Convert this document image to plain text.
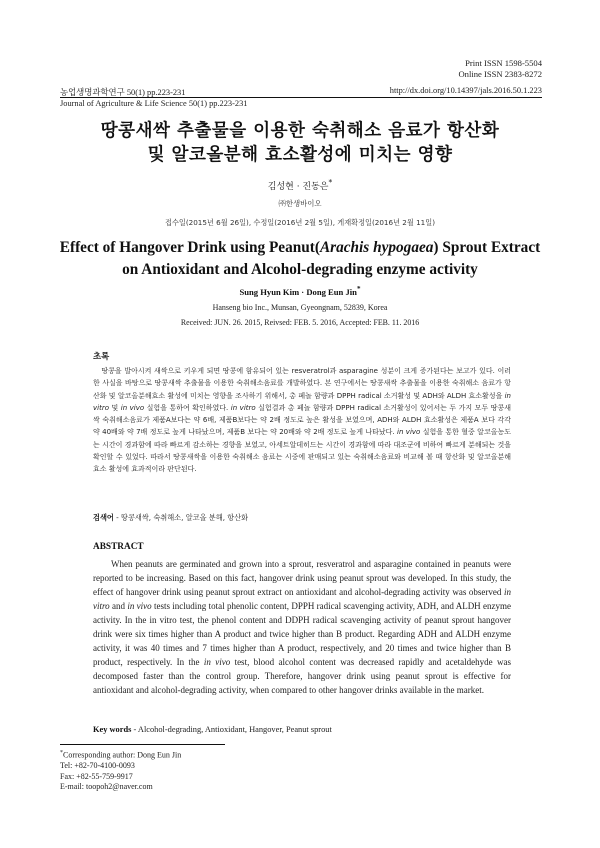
Print ISSN 1598-5504
Online ISSN 2383-8272
농업생명과학연구 50(1) pp.223-231	http://dx.doi.org/10.14397/jals.2016.50.1.223
Journal of Agriculture & Life Science 50(1) pp.223-231
땅콩새싹 추출물을 이용한 숙취해소 음료가 항산화
및 알코올분해 효소활성에 미치는 영향
김성현 · 진동은*
㈜한생바이오
접수일(2015년 6월 26일), 수정일(2016년 2월 5일), 게재확정일(2016년 2월 11일)
Effect of Hangover Drink using Peanut(Arachis hypogaea) Sprout Extract
on Antioxidant and Alcohol-degrading enzyme activity
Sung Hyun Kim · Dong Eun Jin*
Hanseng bio Inc., Munsan, Gyeongnam, 52839, Korea
Received: JUN. 26. 2015, Reivsed: FEB. 5. 2016, Accepted: FEB. 11. 2016
초록

땅콩을 발아시켜 새싹으로 키우게 되면 땅콩에 함유되어 있는 resveratrol과 asparagine 성분이 크게 증가된다는 보고가 있다. 이러한 사실을 바탕으로 땅콩새싹 추출물을 이용한 숙취해소음료를 개발하였다. 본 연구에서는 땅콩새싹 추출물을 이용한 숙취해소 음료가 항산화 및 알코올분해효소 활성에 미치는 영향을 조사하기 위해서, 총 페놀 함량과 DPPH radical 소거활성 및 ADH와 ALDH 효소활성을 in vitro 및 in vivo 실험을 통하여 확인하였다. in vitro 실험결과 총 페놀 함량과 DPPH radical 소거활성이 있어서는 두 가지 모두 땅콩새싹 숙취해소음료가 제품A보다는 약 6배, 제품B보다는 약 2배 정도로 높은 활성을 보였으며, ADH와 ALDH 효소활성은 제품A 보다 각각 약 40배와 약 7배 정도로 높게 나타났으며, 제품B 보다는 약 20배와 약 2배 정도로 높게 나타났다. in vivo 실험을 통한 혈중 알코올농도는 시간이 경과함에 따라 빠르게 감소하는 경향을 보였고, 아세트알데히드는 시간이 경과함에 따라 대조군에 비하여 빠르게 분해되는 것을 확인할 수 있었다. 따라서 땅콩새싹을 이용한 숙취해소 음료는 시중에 판매되고 있는 숙취해소음료와 비교해 볼 때 항산화 및 알코올분해효소 활성에 효과적이라 판단된다.

검색어 - 땅콩새싹, 숙취해소, 알코올 분해, 항산화
ABSTRACT

When peanuts are germinated and grown into a sprout, resveratrol and asparagine contained in peanuts were reported to be increasing. Based on this fact, hangover drink using peanut sprout was developed. In this study, the effect of hangover drink using peanut sprout extract on antioxidant and alcohol-degrading activity was observed in vitro and in vivo tests including total phenolic content, DPPH radical scavenging activity, ADH, and ALDH enzyme activity. In the in vitro test, the phenol content and DDPH radical scavenging activity of peanut sprout hangover drink were six times higher than A product and twice higher than B product. Regarding ADH and ALDH enzyme activity, it was 40 times and 7 times higher than A product, respectively, and 20 times and twice higher than B product, respectively. In the in vivo test, blood alcohol content was decreased rapidly and acetaldehyde was decomposed faster than the control group. Therefore, hangover drink using peanut sprout is effective for antioxidant and alcohol-degrading activity, when compared to other hangover drinks available in the market.

Key words - Alcohol-degrading, Antioxidant, Hangover, Peanut sprout
*Corresponding author: Dong Eun Jin
Tel: +82-70-4100-0093
Fax: +82-55-759-9917
E-mail: toopoh2@naver.com
